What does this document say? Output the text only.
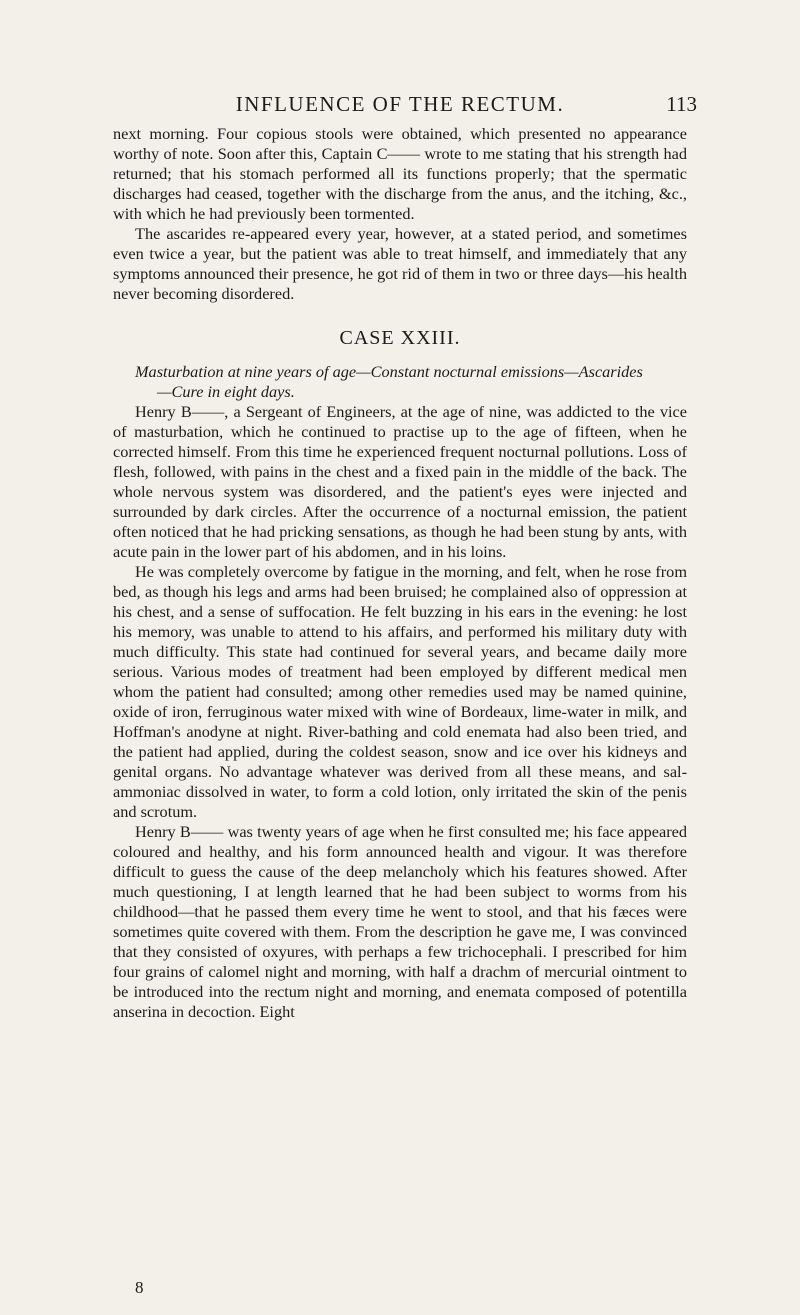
INFLUENCE OF THE RECTUM.	113

next morning. Four copious stools were obtained, which presented no appearance worthy of note. Soon after this, Captain C—— wrote to me stating that his strength had returned; that his stomach performed all its functions properly; that the spermatic discharges had ceased, together with the discharge from the anus, and the itching, &c., with which he had previously been tormented.

The ascarides re-appeared every year, however, at a stated period, and sometimes even twice a year, but the patient was able to treat himself, and immediately that any symptoms announced their presence, he got rid of them in two or three days—his health never becoming disordered.

CASE XXIII.

Masturbation at nine years of age—Constant nocturnal emissions—Ascarides
—Cure in eight days.

Henry B——, a Sergeant of Engineers, at the age of nine, was addicted to the vice of masturbation, which he continued to practise up to the age of fifteen, when he corrected himself. From this time he experienced frequent nocturnal pollutions. Loss of flesh, followed, with pains in the chest and a fixed pain in the middle of the back. The whole nervous system was disordered, and the patient's eyes were injected and surrounded by dark circles. After the occurrence of a nocturnal emission, the patient often noticed that he had pricking sensations, as though he had been stung by ants, with acute pain in the lower part of his abdomen, and in his loins.

He was completely overcome by fatigue in the morning, and felt, when he rose from bed, as though his legs and arms had been bruised; he complained also of oppression at his chest, and a sense of suffocation. He felt buzzing in his ears in the evening: he lost his memory, was unable to attend to his affairs, and performed his military duty with much difficulty. This state had continued for several years, and became daily more serious. Various modes of treatment had been employed by different medical men whom the patient had consulted; among other remedies used may be named quinine, oxide of iron, ferruginous water mixed with wine of Bordeaux, lime-water in milk, and Hoffman's anodyne at night. River-bathing and cold enemata had also been tried, and the patient had applied, during the coldest season, snow and ice over his kidneys and genital organs. No advantage whatever was derived from all these means, and sal-ammoniac dissolved in water, to form a cold lotion, only irritated the skin of the penis and scrotum.

Henry B—— was twenty years of age when he first consulted me; his face appeared coloured and healthy, and his form announced health and vigour. It was therefore difficult to guess the cause of the deep melancholy which his features showed. After much questioning, I at length learned that he had been subject to worms from his childhood—that he passed them every time he went to stool, and that his fæces were sometimes quite covered with them. From the description he gave me, I was convinced that they consisted of oxyures, with perhaps a few trichocephali. I prescribed for him four grains of calomel night and morning, with half a drachm of mercurial ointment to be introduced into the rectum night and morning, and enemata composed of potentilla anserina in decoction. Eight

8
